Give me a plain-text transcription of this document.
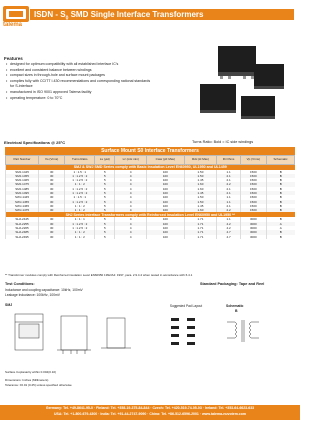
talema
ISDN - $S_0$ SMD Single Interface Transformers
Features
• designed for optimum compatibility with all established interface IC's
• excellent and consistent balance between windings
• compact sizes in through-hole and surface mount packages
• complies fully with CCITT I.430 recommendations and corresponding national standards for S-interface
• manufactured in ISO 9001 approved Talema facility
• operating temperature: 0 to 70°C
Electrical Specifications @ 25°C	Turns Ratio: Bold = IC side windings
Surface Mount S0 Interface Transformers
Part Number	Vo (Vrms)	Turns Ratio	Ls (µH)	Lz (mH min)	Cww (pF Max)	Rdc (Ω Max)	Ri Ohms	Vp (Vrms)	Schematic
SMJ & SWJ SMD Series comply with Basic Insulation Level EN60950, UL1950 and UL1459									
SMJ-1445	30	1 : 1.5 : 1	5	4	100	1.50	1.1	1500	B
SMJ-1455	30	1 : 1.2.5 : 2	5	4	100	1.50	2.1	1500	B
SMJ-1465	30	1 : 1.2.5 : 2	5	4	100	1.45	2.1	1500	B
SMJ-1475	30	1 : 1 : 2	5	4	100	1.60	2.2	1500	B
SMJ-1485	30	1 : 1.2.5 : 2	5	4	100	1.60	2.1	1500	B
SMJ-1495	30	1 : 1.2.5 : 2	5	4	100	1.45	2.1	1500	B
SWJ-1445	30	1 : 1.5 : 1	5	4	100	1.50	1.1	1500	B
SWJ-1455	30	1 : 1.2.5 : 2	5	4	100	1.50	1.1	1500	B
SWJ-1465	30	1 : 1 : 2	5	4	100	1.45	2.1	1500	B
SWJ-1475	30	1 : 1 : 2	5	4	100	1.60	2.2	1500	B
SHJ Series Interface Transformers comply with Reinforced Insulation Level EN60950 and UL1950 **									
SHJ-2445	30	1 : 1 : 1	5	4	100	1.71	1.1	3000	B
SHJ-2255	30	1 : 1.2.5 : 2	5	4	100	1.71	4.2	3000	A
SHJ-2265	30	1 : 1.2.5 : 2	5	4	100	1.71	4.2	3000	A
SHJ-2485	30	1 : 1 : 2	5	4	100	1.71	4.7	3000	B
SHJ-2495	30	1 : 1 : 2	5	4	100	1.71	4.7	3000	B
** Transformer modules comply with Reinforced insulation Level EN60950 1992/A4: 1997, para. 2.9.4.4 when tested in accordance with 6.4.1
Test Conditions:
Inductance and coupling capacitance: 10kHz, 100mV
Leakage Inductance: 100kHz, 100mV
Standard Packaging: Tape and Reel
SMJ	Suggested Pad Layout	Schematic
B
Surface Coplanarity within 0.004(0.10)
Dimensions: Inches (Millimeters)
Tolerance: ±0.01 (0.25) unless specified otherwise
Germany: Tel. +49-8641-95-0 · Finland: Tel. +358-19-375-84-844 · Czech: Tel. +420-519-74-05-03 · Ireland: Tel. +353-64-6623-633
USA: Tel. +1-800-679-4300 · India: Tel. +91-44-2747-9090 · China: Tel. +86-512-6596-2001 · www.talema-nuvotem.com
